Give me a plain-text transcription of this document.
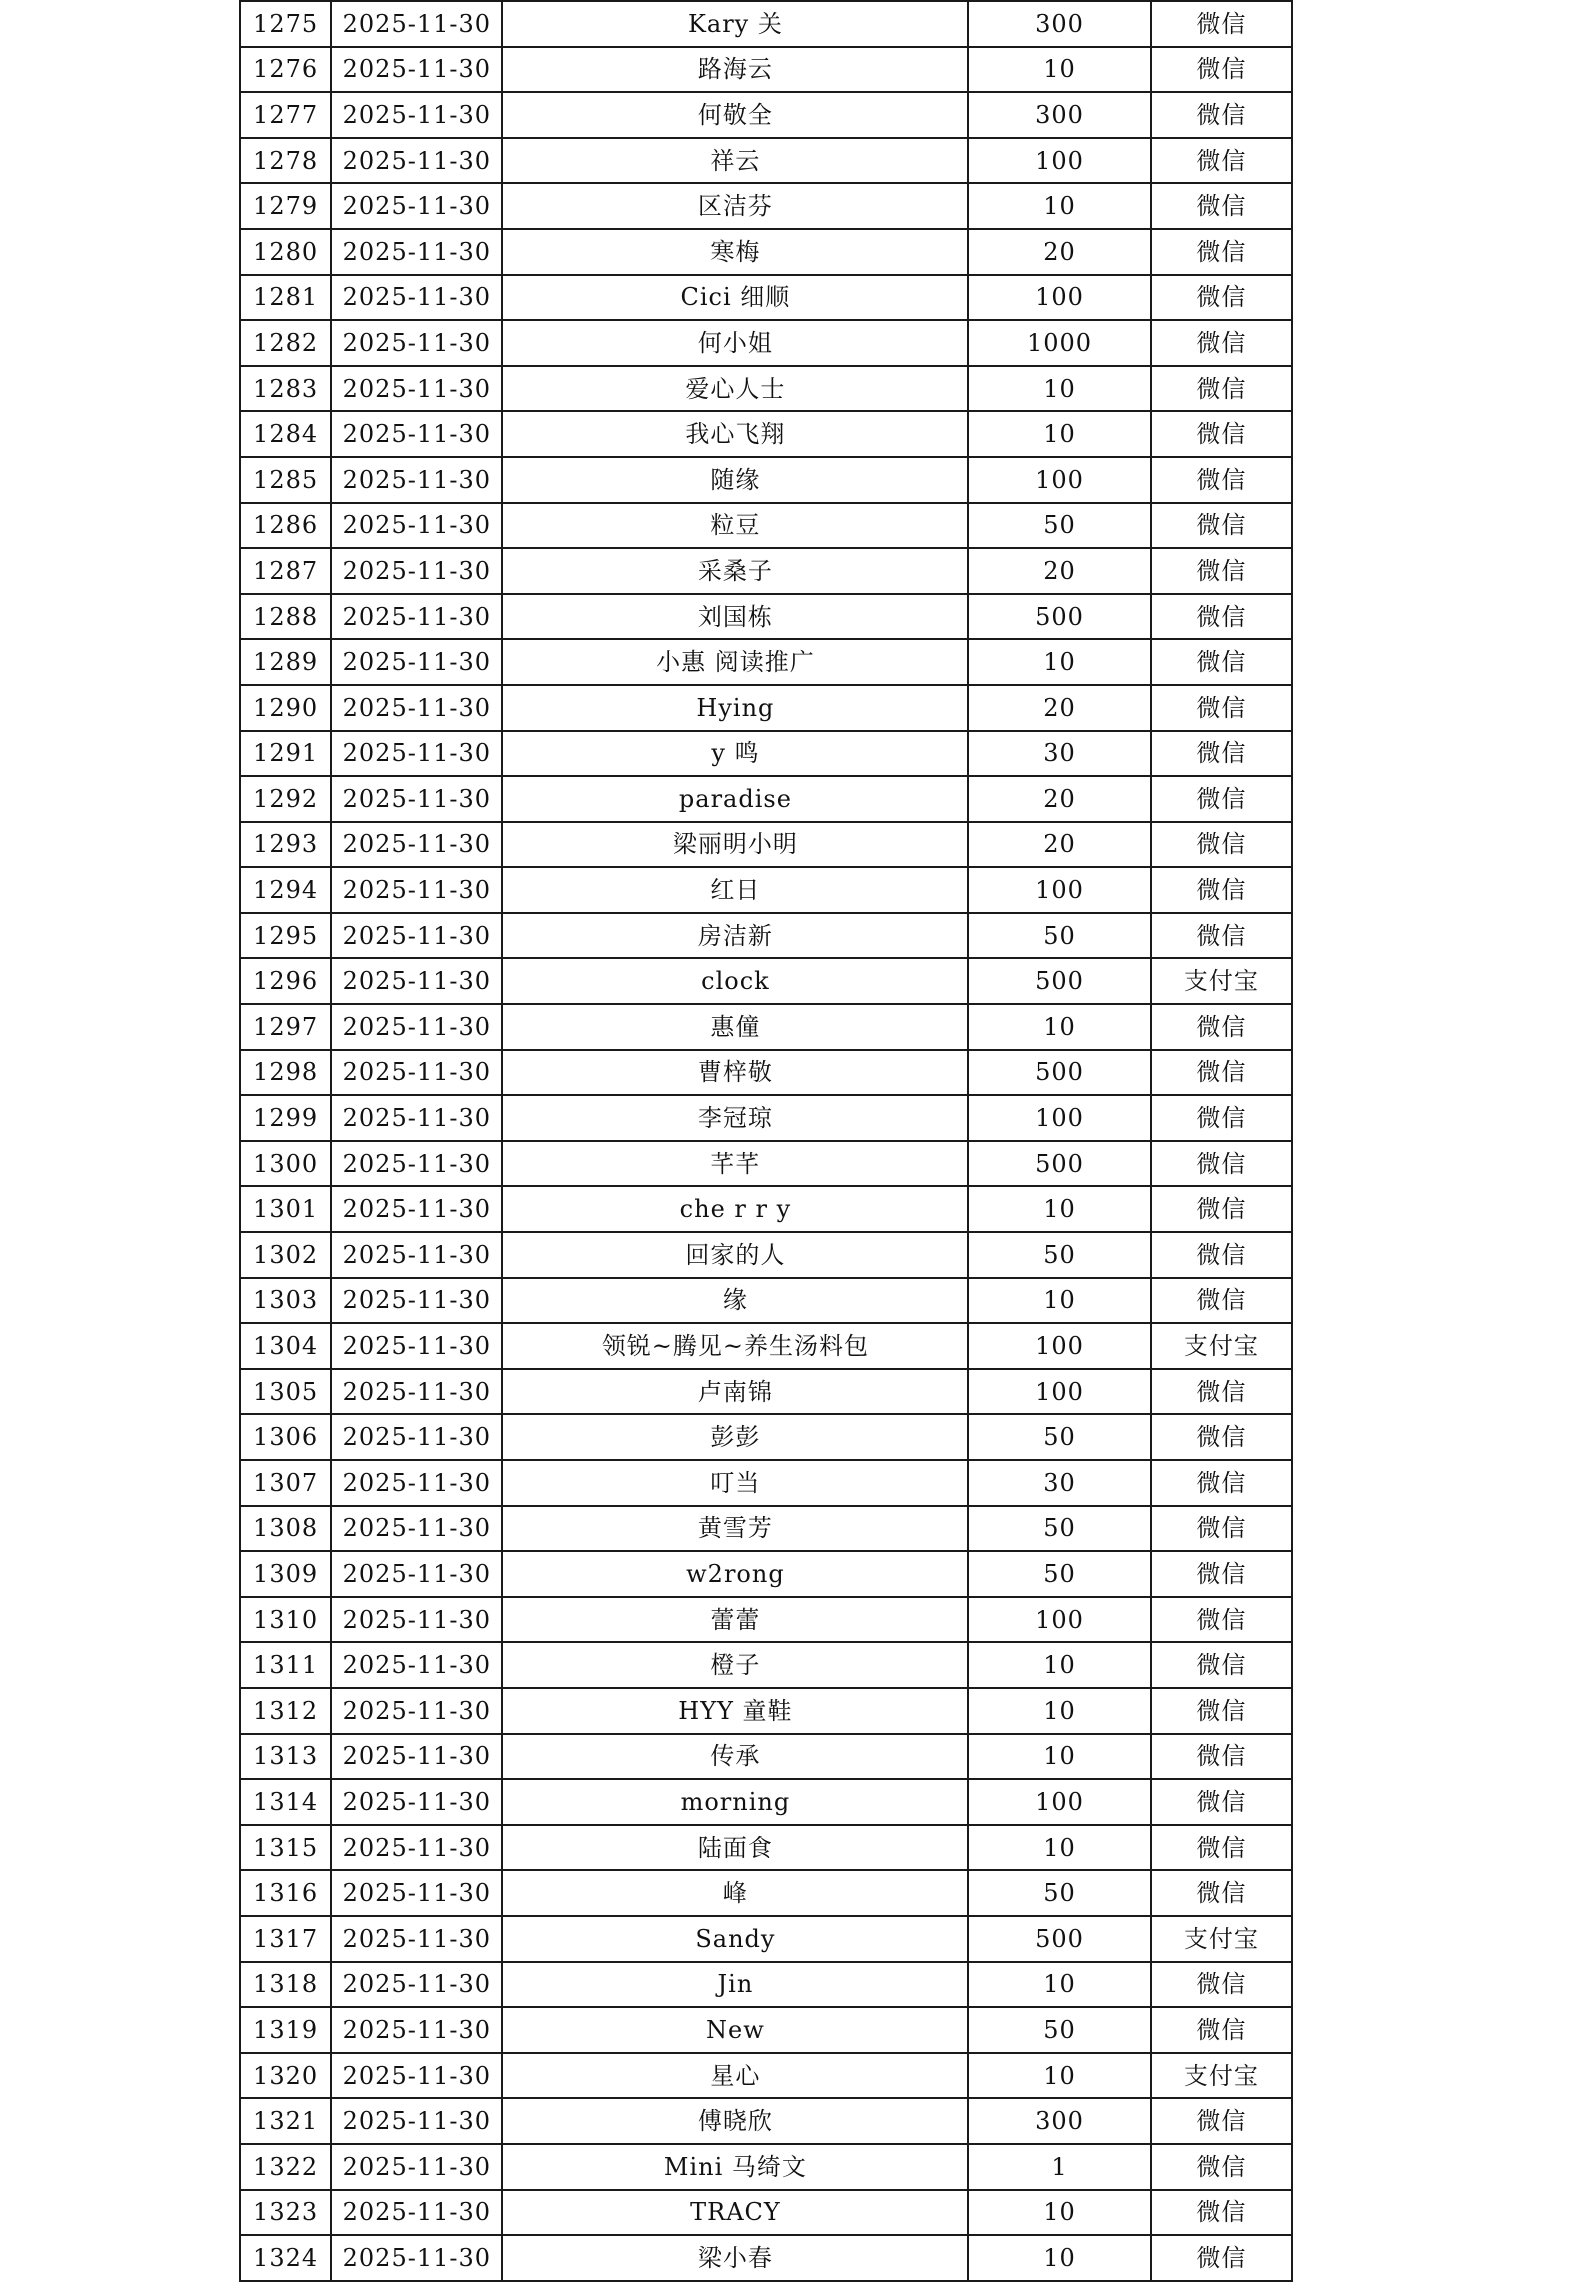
1275	2025-11-30	Kary 关	300	微信
1276	2025-11-30	路海云	10	微信
1277	2025-11-30	何敬全	300	微信
1278	2025-11-30	祥云	100	微信
1279	2025-11-30	区洁芬	10	微信
1280	2025-11-30	寒梅	20	微信
1281	2025-11-30	Cici 细顺	100	微信
1282	2025-11-30	何小姐	1000	微信
1283	2025-11-30	爱心人士	10	微信
1284	2025-11-30	我心飞翔	10	微信
1285	2025-11-30	随缘	100	微信
1286	2025-11-30	粒豆	50	微信
1287	2025-11-30	采桑子	20	微信
1288	2025-11-30	刘国栋	500	微信
1289	2025-11-30	小惠 阅读推广	10	微信
1290	2025-11-30	Hying	20	微信
1291	2025-11-30	y 鸣	30	微信
1292	2025-11-30	paradise	20	微信
1293	2025-11-30	梁丽明小明	20	微信
1294	2025-11-30	红日	100	微信
1295	2025-11-30	房洁新	50	微信
1296	2025-11-30	clock	500	支付宝
1297	2025-11-30	惠僮	10	微信
1298	2025-11-30	曹梓敬	500	微信
1299	2025-11-30	李冠琼	100	微信
1300	2025-11-30	芊芊	500	微信
1301	2025-11-30	che r r y	10	微信
1302	2025-11-30	回家的人	50	微信
1303	2025-11-30	缘	10	微信
1304	2025-11-30	领锐~腾见~养生汤料包	100	支付宝
1305	2025-11-30	卢南锦	100	微信
1306	2025-11-30	彭彭	50	微信
1307	2025-11-30	叮当	30	微信
1308	2025-11-30	黄雪芳	50	微信
1309	2025-11-30	w2rong	50	微信
1310	2025-11-30	蕾蕾	100	微信
1311	2025-11-30	橙子	10	微信
1312	2025-11-30	HYY 童鞋	10	微信
1313	2025-11-30	传承	10	微信
1314	2025-11-30	morning	100	微信
1315	2025-11-30	陆面食	10	微信
1316	2025-11-30	峰	50	微信
1317	2025-11-30	Sandy	500	支付宝
1318	2025-11-30	Jin	10	微信
1319	2025-11-30	New	50	微信
1320	2025-11-30	星心	10	支付宝
1321	2025-11-30	傅晓欣	300	微信
1322	2025-11-30	Mini 马绮文	1	微信
1323	2025-11-30	TRACY	10	微信
1324	2025-11-30	梁小春	10	微信
